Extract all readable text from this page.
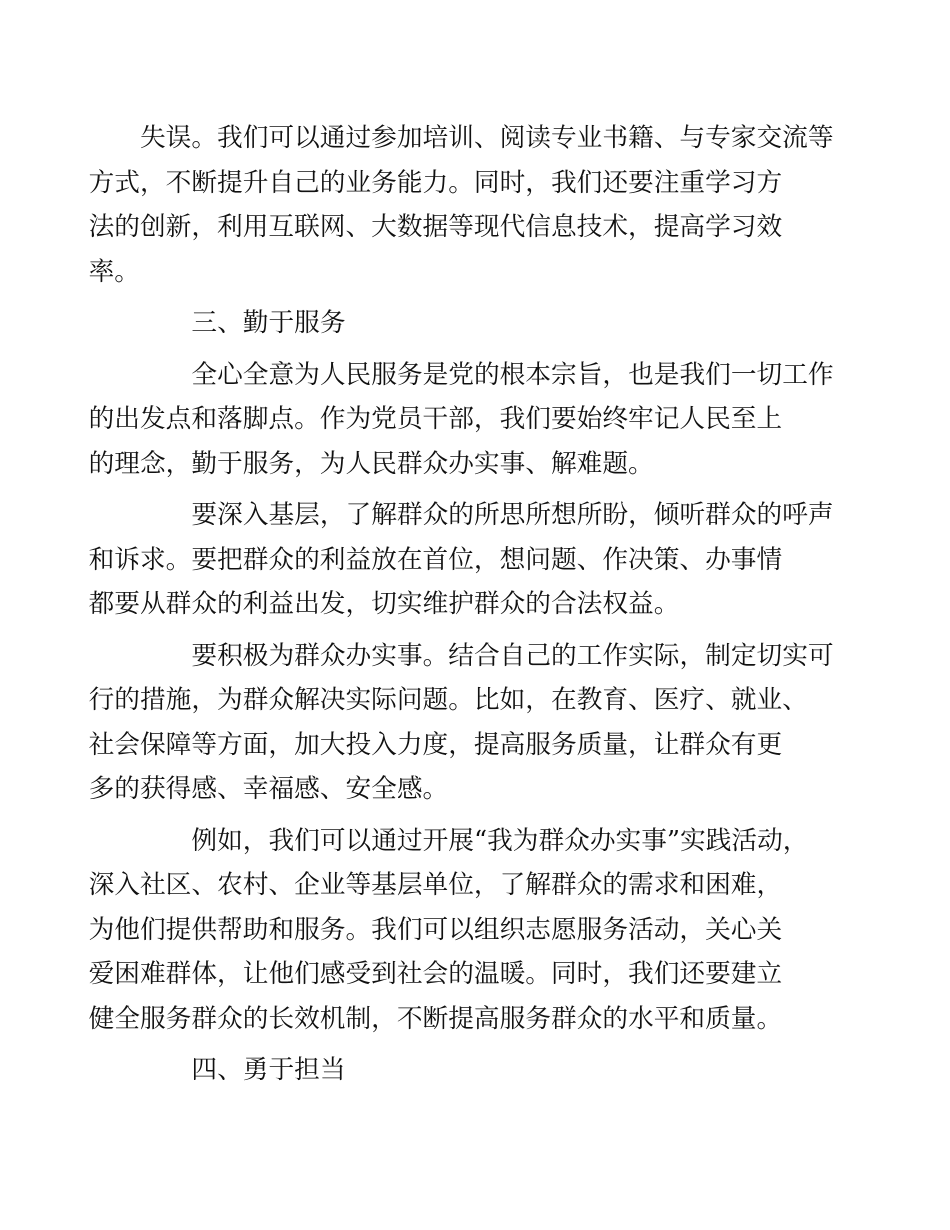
失误。我们可以通过参加培训、阅读专业书籍、与专家交流等
方式，不断提升自己的业务能力。同时，我们还要注重学习方
法的创新，利用互联网、大数据等现代信息技术，提高学习效
率。
三、勤于服务
全心全意为人民服务是党的根本宗旨，也是我们一切工作
的出发点和落脚点。作为党员干部，我们要始终牢记人民至上
的理念，勤于服务，为人民群众办实事、解难题。
要深入基层，了解群众的所思所想所盼，倾听群众的呼声
和诉求。要把群众的利益放在首位，想问题、作决策、办事情
都要从群众的利益出发，切实维护群众的合法权益。
要积极为群众办实事。结合自己的工作实际，制定切实可
行的措施，为群众解决实际问题。比如，在教育、医疗、就业、
社会保障等方面，加大投入力度，提高服务质量，让群众有更
多的获得感、幸福感、安全感。
例如，我们可以通过开展“我为群众办实事”实践活动，
深入社区、农村、企业等基层单位，了解群众的需求和困难，
为他们提供帮助和服务。我们可以组织志愿服务活动，关心关
爱困难群体，让他们感受到社会的温暖。同时，我们还要建立
健全服务群众的长效机制，不断提高服务群众的水平和质量。
四、勇于担当
